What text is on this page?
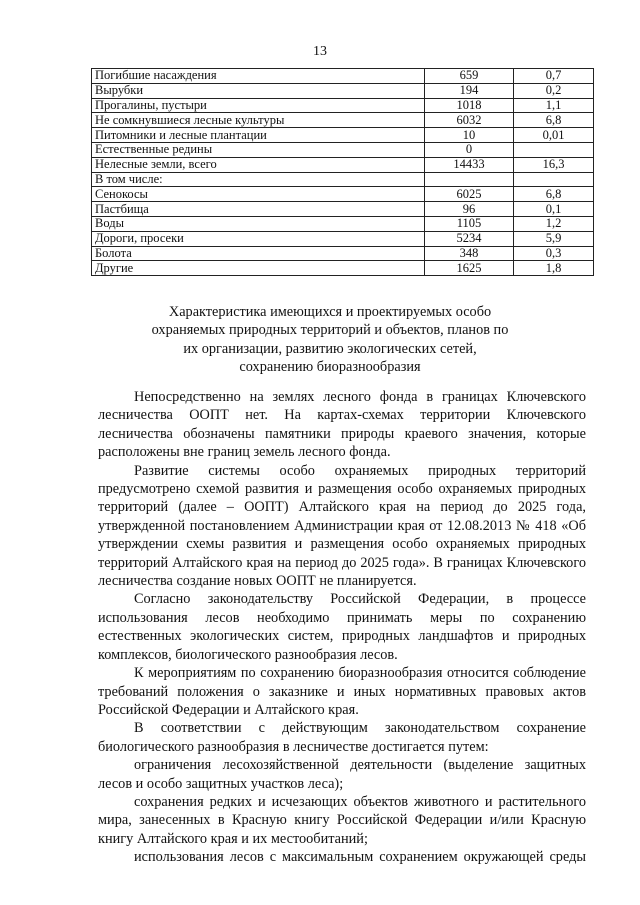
13
Погибшие насаждения	659	0,7
Вырубки	194	0,2
Прогалины, пустыри	1018	1,1
Не сомкнувшиеся лесные культуры	6032	6,8
Питомники и лесные плантации	10	0,01
Естественные редины	0	
Нелесные земли, всего	14433	16,3
В том числе:		
Сенокосы	6025	6,8
Пастбища	96	0,1
Воды	1105	1,2
Дороги, просеки	5234	5,9
Болота	348	0,3
Другие	1625	1,8
Характеристика имеющихся и проектируемых особо
охраняемых природных территорий и объектов, планов по
их организации, развитию экологических сетей,
сохранению биоразнообразия

Непосредственно на землях лесного фонда в границах Ключевского лесничества ООПТ нет. На картах-схемах территории Ключевского лесничества обозначены памятники природы краевого значения, которые расположены вне границ земель лесного фонда.

Развитие системы особо охраняемых природных территорий предусмотрено схемой развития и размещения особо охраняемых природных территорий (далее – ООПТ) Алтайского края на период до 2025 года, утвержденной постановлением Администрации края от 12.08.2013 № 418 «Об утверждении схемы развития и размещения особо охраняемых природных территорий Алтайского края на период до 2025 года». В границах Ключевского лесничества создание новых ООПТ не планируется.

Согласно законодательству Российской Федерации, в процессе использования лесов необходимо принимать меры по сохранению естественных экологических систем, природных ландшафтов и природных комплексов, биологического разнообразия лесов.

К мероприятиям по сохранению биоразнообразия относится соблюдение требований положения о заказнике и иных нормативных правовых актов Российской Федерации и Алтайского края.

В соответствии с действующим законодательством сохранение биологического разнообразия в лесничестве достигается путем:

ограничения лесохозяйственной деятельности (выделение защитных лесов и особо защитных участков леса);

сохранения редких и исчезающих объектов животного и растительного мира, занесенных в Красную книгу Российской Федерации и/или Красную книгу Алтайского края и их местообитаний;

использования лесов с максимальным сохранением окружающей среды
